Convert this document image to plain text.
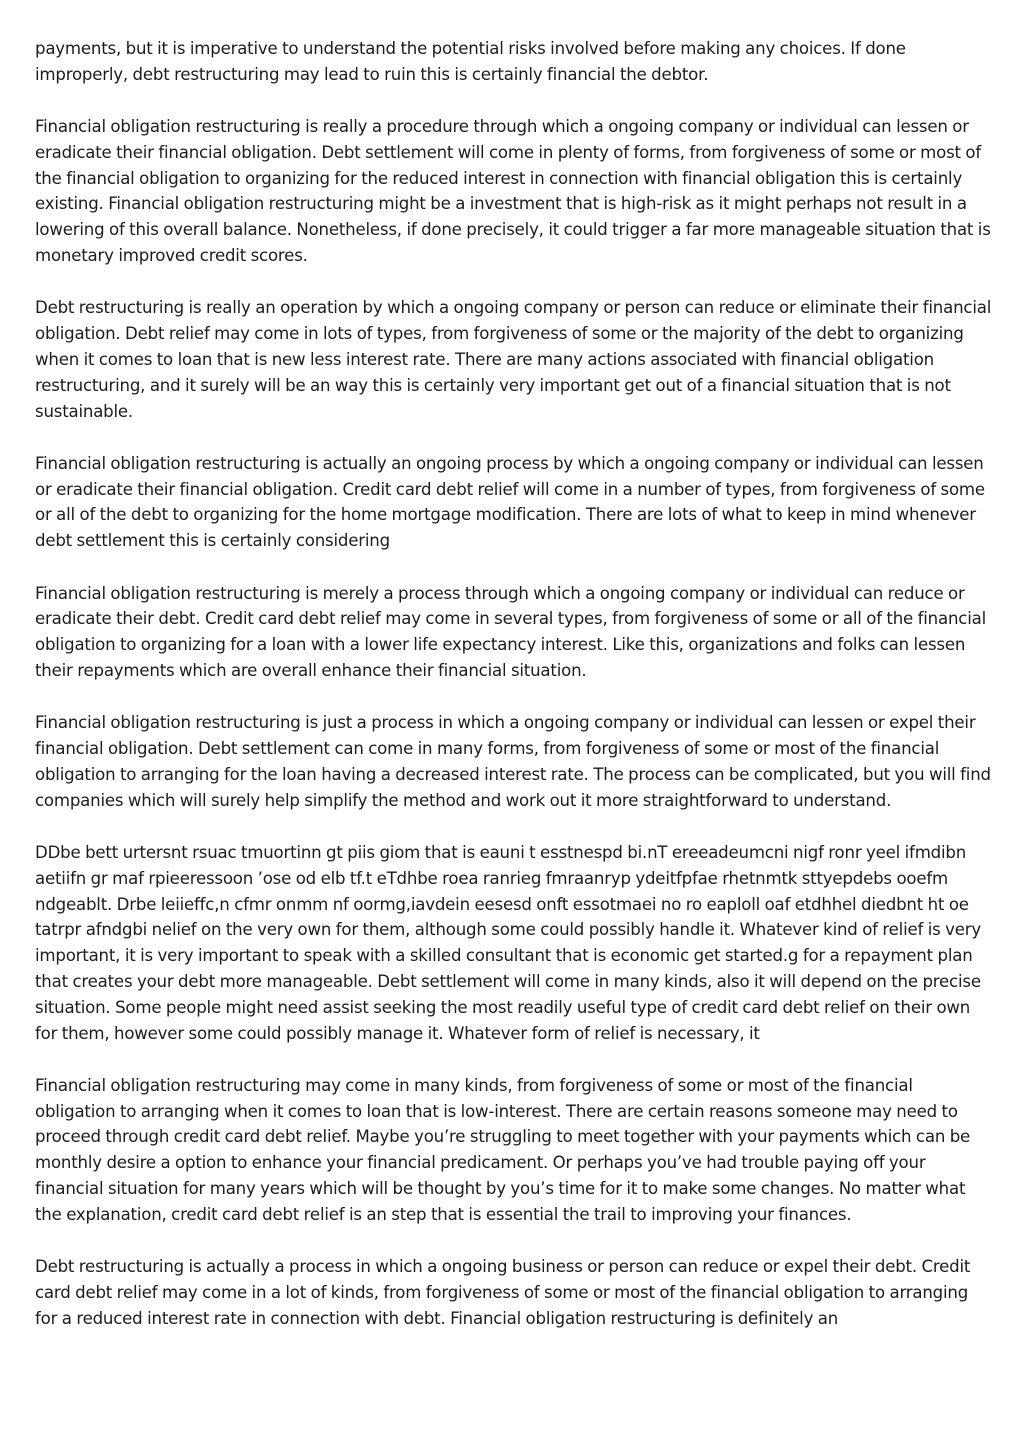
payments, but it is imperative to understand the potential risks involved before making any choices. If done improperly, debt restructuring may lead to ruin this is certainly financial the debtor.

Financial obligation restructuring is really a procedure through which a ongoing company or individual can lessen or eradicate their financial obligation. Debt settlement will come in plenty of forms, from forgiveness of some or most of the financial obligation to organizing for the reduced interest in connection with financial obligation this is certainly existing. Financial obligation restructuring might be a investment that is high-risk as it might perhaps not result in a lowering of this overall balance. Nonetheless, if done precisely, it could trigger a far more manageable situation that is monetary improved credit scores.

Debt restructuring is really an operation by which a ongoing company or person can reduce or eliminate their financial obligation. Debt relief may come in lots of types, from forgiveness of some or the majority of the debt to organizing when it comes to loan that is new less interest rate. There are many actions associated with financial obligation restructuring, and it surely will be an way this is certainly very important get out of a financial situation that is not sustainable.

Financial obligation restructuring is actually an ongoing process by which a ongoing company or individual can lessen or eradicate their financial obligation. Credit card debt relief will come in a number of types, from forgiveness of some or all of the debt to organizing for the home mortgage modification. There are lots of what to keep in mind whenever debt settlement this is certainly considering

Financial obligation restructuring is merely a process through which a ongoing company or individual can reduce or eradicate their debt. Credit card debt relief may come in several types, from forgiveness of some or all of the financial obligation to organizing for a loan with a lower life expectancy interest. Like this, organizations and folks can lessen their repayments which are overall enhance their financial situation.

Financial obligation restructuring is just a process in which a ongoing company or individual can lessen or expel their financial obligation. Debt settlement can come in many forms, from forgiveness of some or most of the financial obligation to arranging for the loan having a decreased interest rate. The process can be complicated, but you will find companies which will surely help simplify the method and work out it more straightforward to understand.

DDbe bett urtersnt rsuac tmuortinn gt piis giom that is eauni t esstnespd bi.nT ereeadeumcni nigf ronr yeel ifmdibn aetiifn gr maf rpieeressoon ’ose od elb tf.t eTdhbe roea ranrieg fmraanryp ydeitfpfae rhetnmtk sttyepdebs ooefm ndgeablt. Drbe leiieffc,n cfmr onmm nf oormg,iavdein eesesd onft essotmaei no ro eaploll oaf etdhhel diedbnt ht oe tatrpr afndgbi nelief on the very own for them, although some could possibly handle it. Whatever kind of relief is very important, it is very important to speak with a skilled consultant that is economic get started.g for a repayment plan that creates your debt more manageable. Debt settlement will come in many kinds, also it will depend on the precise situation. Some people might need assist seeking the most readily useful type of credit card debt relief on their own for them, however some could possibly manage it. Whatever form of relief is necessary, it

Financial obligation restructuring may come in many kinds, from forgiveness of some or most of the financial obligation to arranging when it comes to loan that is low-interest. There are certain reasons someone may need to proceed through credit card debt relief. Maybe you’re struggling to meet together with your payments which can be monthly desire a option to enhance your financial predicament. Or perhaps you’ve had trouble paying off your financial situation for many years which will be thought by you’s time for it to make some changes. No matter what the explanation, credit card debt relief is an step that is essential the trail to improving your finances.

Debt restructuring is actually a process in which a ongoing business or person can reduce or expel their debt. Credit card debt relief may come in a lot of kinds, from forgiveness of some or most of the financial obligation to arranging for a reduced interest rate in connection with debt. Financial obligation restructuring is definitely an
